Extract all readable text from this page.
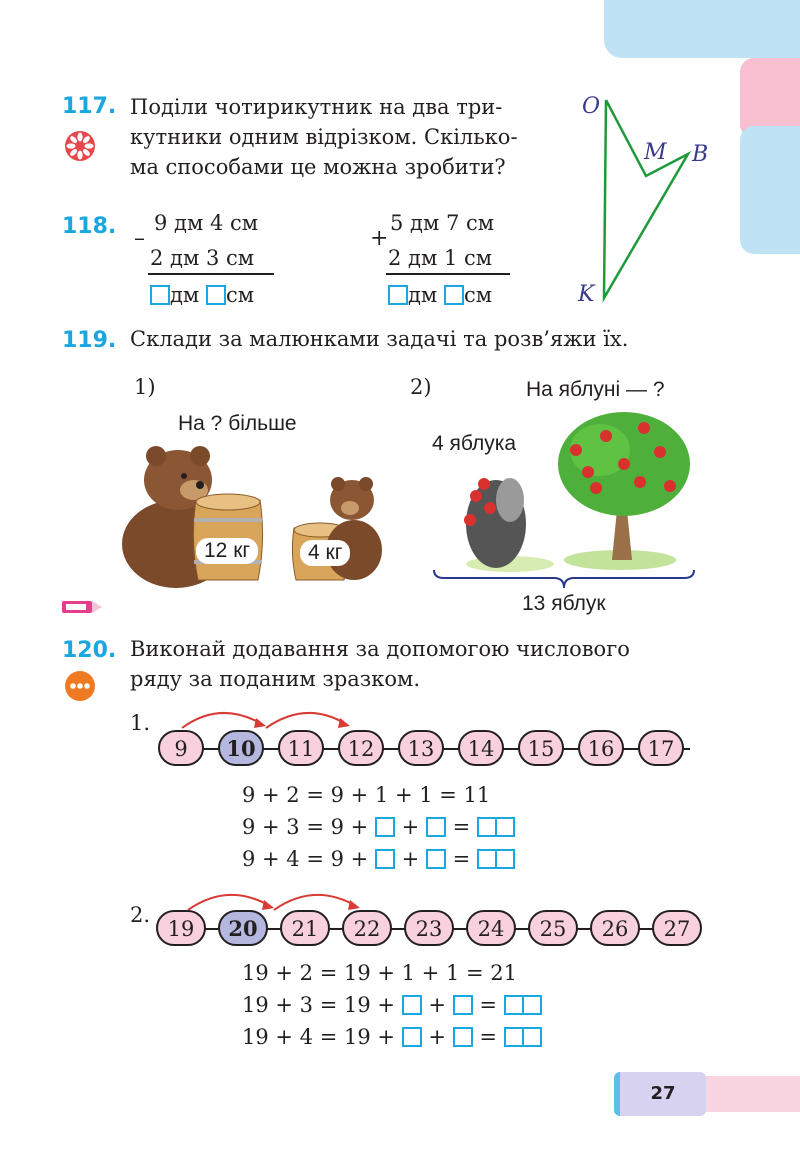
117. Поділи чотирикутник на два три-
кутники одним відрізком. Скілько-
ма способами це можна зробити?
O
M B
K
118. –
9 дм 4 см
2 дм 3 см
дм см
+
5 дм 7 см
2 дм 1 см
дм см
119. Склади за малюнками задачі та розв’яжи їх.
1)	2)
На ? більше
На яблуні — ?
4 яблука
12 кг	4 кг
13 яблук
120. Виконай додавання за допомогою числового
ряду за поданим зразком.
1.
9	10	11	12	13	14	15	16	17
9 + 2 = 9 + 1 + 1 = 11
9 + 3 = 9 + + =
9 + 4 = 9 + + =
2.
19	20	21	22	23	24	25	26	27
19 + 2 = 19 + 1 + 1 = 21
19 + 3 = 19 + + =
19 + 4 = 19 + + =
27
